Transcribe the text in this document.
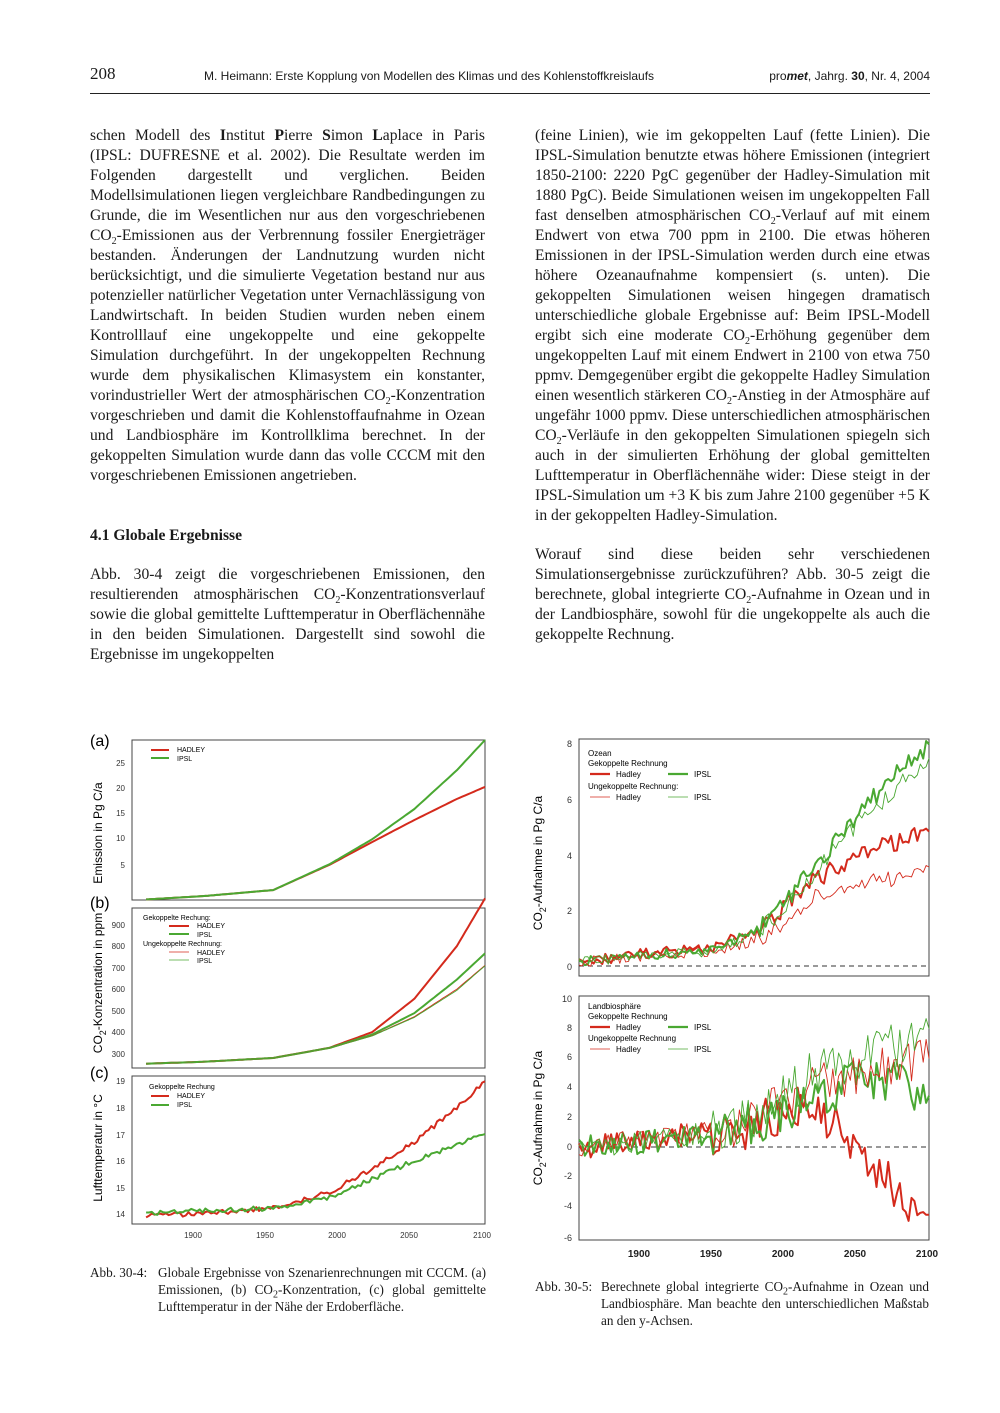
208	M. Heimann: Erste Kopplung von Modellen des Klimas und des Kohlenstoffkreislaufs	promet, Jahrg. 30, Nr. 4, 2004

schen Modell des Institut Pierre Simon Laplace in Paris (IPSL: DUFRESNE et al. 2002). Die Resultate werden im Folgenden dargestellt und verglichen. Beiden Modellsimulationen liegen vergleichbare Randbedingungen zu Grunde, die im Wesentlichen nur aus den vorgeschriebenen $CO_2$-Emissionen aus der Verbrennung fossiler Energieträger bestanden. Änderungen der Landnutzung wurden nicht berücksichtigt, und die simulierte Vegetation bestand nur aus potenzieller natürlicher Vegetation unter Vernachlässigung von Landwirtschaft. In beiden Studien wurden neben einem Kontrolllauf eine ungekoppelte und eine gekoppelte Simulation durchgeführt. In der ungekoppelten Rechnung wurde dem physikalischen Klimasystem ein konstanter, vorindustrieller Wert der atmosphärischen $CO_2$-Konzentration vorgeschrieben und damit die Kohlenstoffaufnahme in Ozean und Landbiosphäre im Kontrollklima berechnet. In der gekoppelten Simulation wurde dann das volle CCCM mit den vorgeschriebenen Emissionen angetrieben.

4.1 Globale Ergebnisse

Abb. 30-4 zeigt die vorgeschriebenen Emissionen, den resultierenden atmosphärischen $CO_2$-Konzentrationsverlauf sowie die global gemittelte Lufttemperatur in Oberflächennähe in den beiden Simulationen. Dargestellt sind sowohl die Ergebnisse im ungekoppelten

(feine Linien), wie im gekoppelten Lauf (fette Linien). Die IPSL-Simulation benutzte etwas höhere Emissionen (integriert 1850-2100: 2220 PgC gegenüber der Hadley-Simulation mit 1880 PgC). Beide Simulationen weisen im ungekoppelten Fall fast denselben atmosphärischen $CO_2$-Verlauf auf mit einem Endwert von etwa 700 ppm in 2100. Die etwas höheren Emissionen in der IPSL-Simulation werden durch eine etwas höhere Ozeanaufnahme kompensiert (s. unten). Die gekoppelten Simulationen weisen hingegen dramatisch unterschiedliche globale Ergebnisse auf: Beim IPSL-Modell ergibt sich eine moderate $CO_2$-Erhöhung gegenüber dem ungekoppelten Lauf mit einem Endwert in 2100 von etwa 750 ppmv. Demgegenüber ergibt die gekoppelte Hadley Simulation einen wesentlich stärkeren $CO_2$-Anstieg in der Atmosphäre auf ungefähr 1000 ppmv. Diese unterschiedlichen atmosphärischen $CO_2$-Verläufe in den gekoppelten Simulationen spiegeln sich auch in der simulierten Erhöhung der global gemittelten Lufttemperatur in Oberflächennähe wider: Diese steigt in der IPSL-Simulation um +3 K bis zum Jahre 2100 gegenüber +5 K in der gekoppelten Hadley-Simulation.

Worauf sind diese beiden sehr verschiedenen Simulationsergebnisse zurückzuführen? Abb. 30-5 zeigt die berechnete, global integrierte $CO_2$-Aufnahme in Ozean und in der Landbiosphäre, sowohl für die ungekoppelte als auch die gekoppelte Rechnung.

(a)
(b)
(c)
Emission in Pg C/a
$CO_2$-Konzentration in ppm
Lufttemperatur in °C
25
20
15
10
5
900
800
700
600
500
400
300
19
18
17
16
15
14
1900	1950	2000	2050	2100
HADLEY
IPSL
Gekoppelte Rechung:
HADLEY
IPSL
Ungekoppelte Rechnung:
HADLEY
IPSL
Gekoppelte Rechung
HADLEY
IPSL
Abb. 30-4: Globale Ergebnisse von Szenarienrechnungen mit CCCM. (a) Emissionen, (b) $CO_2$-Konzentration, (c) global gemittelte Lufttemperatur in der Nähe der Erdoberfläche.
$CO_2$-Aufnahme in Pg C/a
$CO_2$-Aufnahme in Pg C/a
8
6
4
2
0
10
8
6
4
2
0
-2
-4
-6
1900	1950	2000	2050	2100
Ozean
Gekoppelte Rechnung
Hadley	IPSL
Ungekoppelte Rechnung:
Hadley	IPSL
Landbiosphäre
Gekoppelte Rechnung
Hadley	IPSL
Ungekoppelte Rechnung
Hadley	IPSL
Abb. 30-5: Berechnete global integrierte $CO_2$-Aufnahme in Ozean und Landbiosphäre. Man beachte den unterschiedlichen Maßstab an den y-Achsen.
